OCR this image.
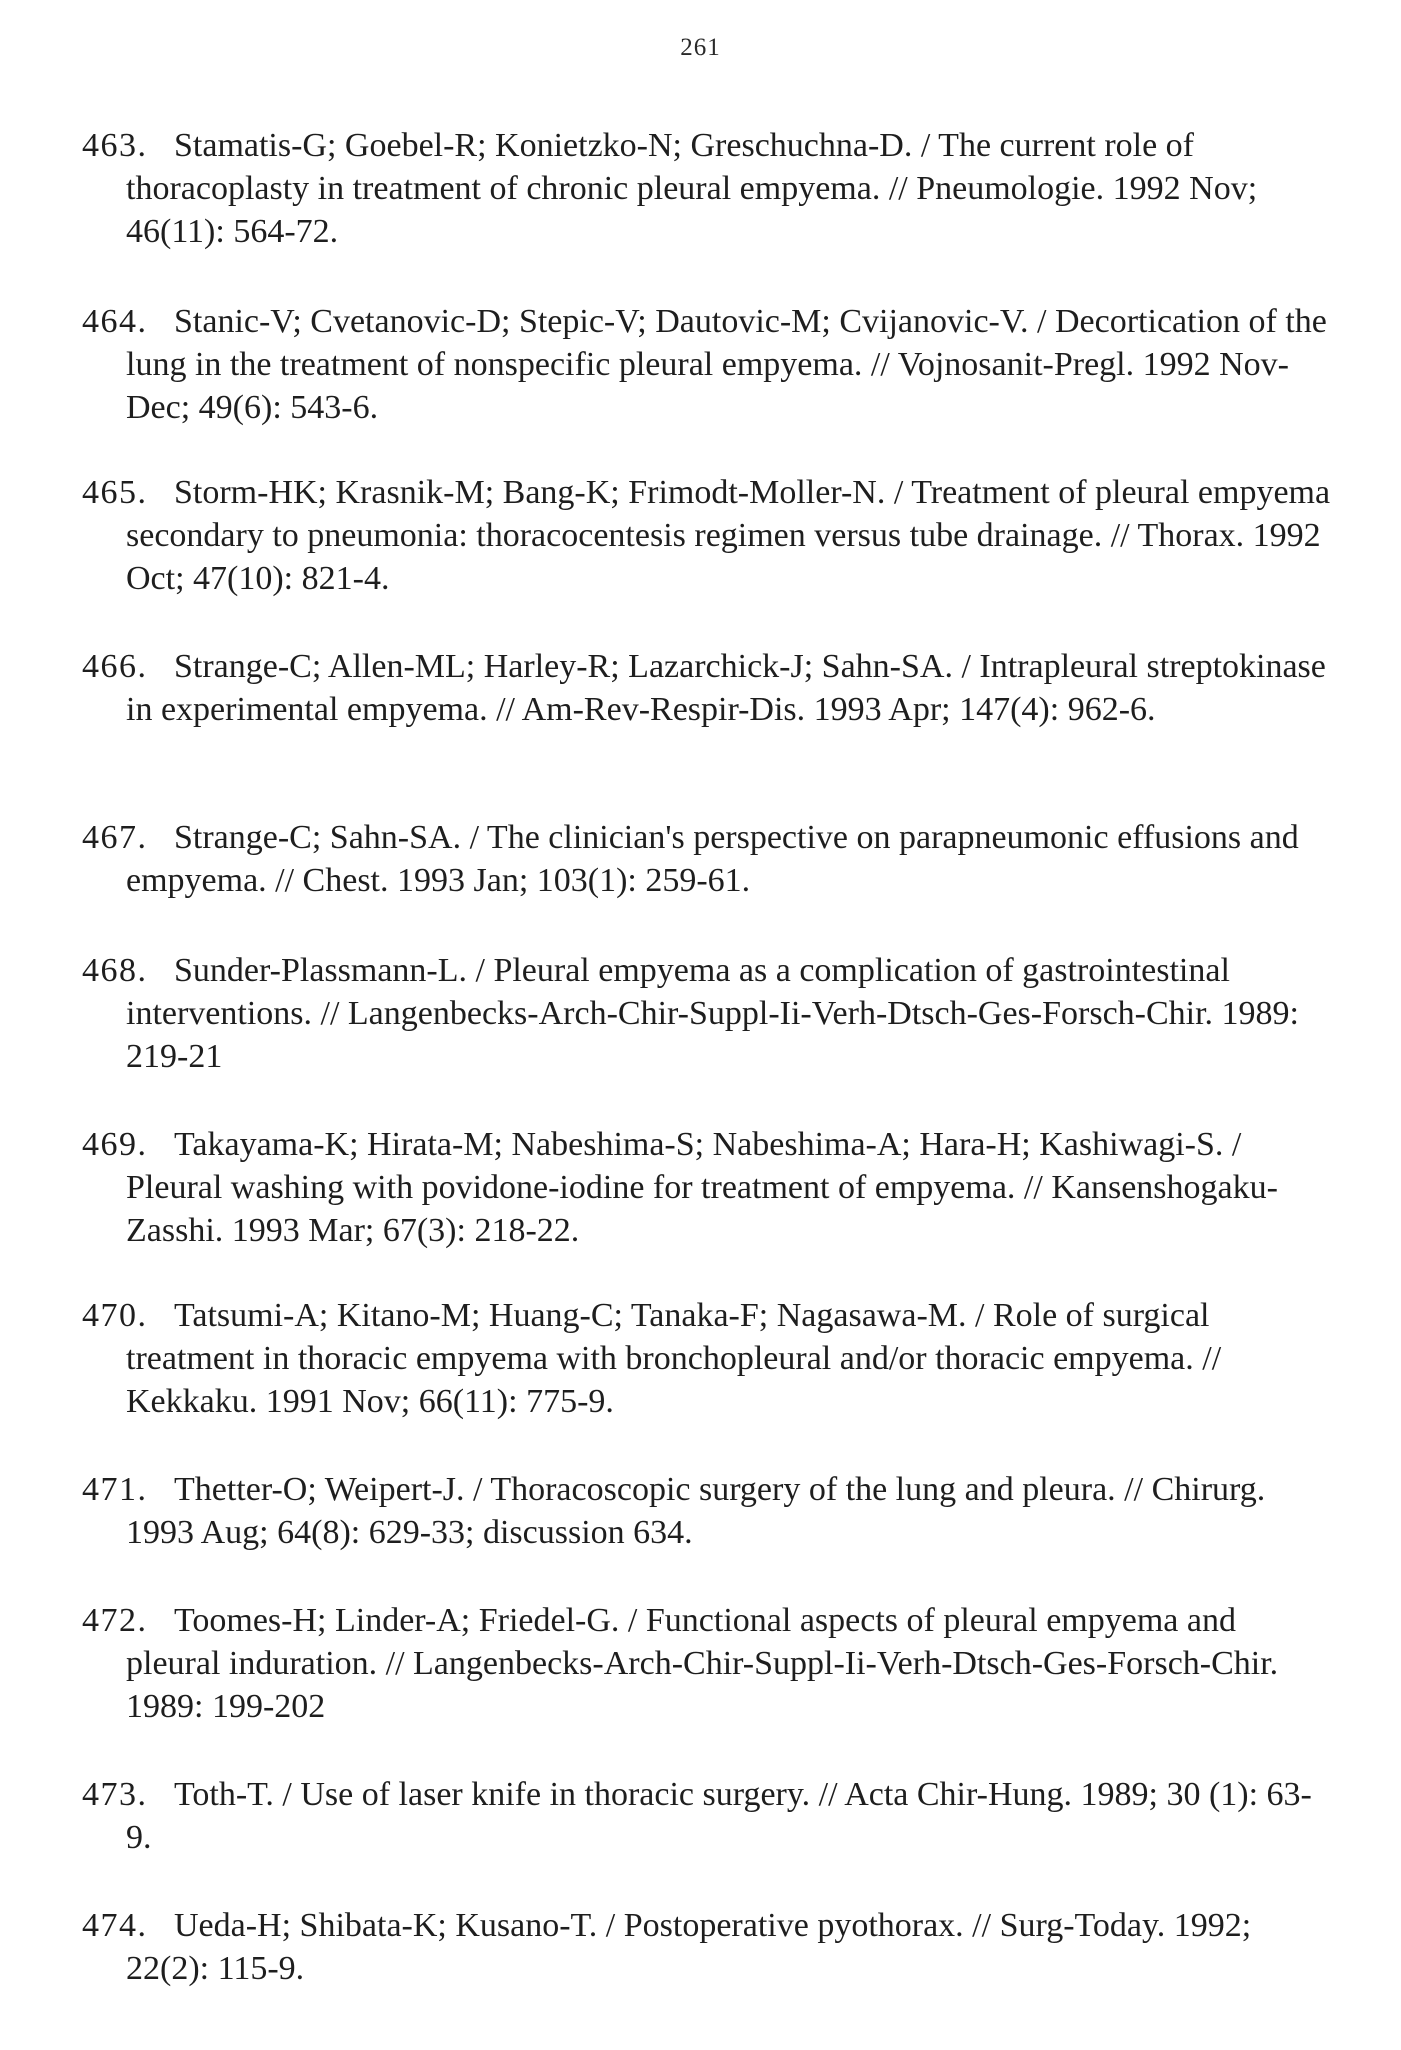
261
463. Stamatis-G; Goebel-R; Konietzko-N; Greschuchna-D. / The current role of thoracoplasty in treatment of chronic pleural empyema. // Pneumologie. 1992 Nov; 46(11): 564-72.
464. Stanic-V; Cvetanovic-D; Stepic-V; Dautovic-M; Cvijanovic-V. / Decortication of the lung in the treatment of nonspecific pleural empyema. // Vojnosanit-Pregl. 1992 Nov-Dec; 49(6): 543-6.
465. Storm-HK; Krasnik-M; Bang-K; Frimodt-Moller-N. / Treatment of pleural empyema secondary to pneumonia: thoracocentesis regimen versus tube drainage. // Thorax. 1992 Oct; 47(10): 821-4.
466. Strange-C; Allen-ML; Harley-R; Lazarchick-J; Sahn-SA. / Intrapleural streptokinase in experimental empyema. // Am-Rev-Respir-Dis. 1993 Apr; 147(4): 962-6.
467. Strange-C; Sahn-SA. / The clinician's perspective on parapneumonic effusions and empyema. // Chest. 1993 Jan; 103(1): 259-61.
468. Sunder-Plassmann-L. / Pleural empyema as a complication of gastrointestinal interventions. // Langenbecks-Arch-Chir-Suppl-Ii-Verh-Dtsch-Ges-Forsch-Chir. 1989: 219-21
469. Takayama-K; Hirata-M; Nabeshima-S; Nabeshima-A; Hara-H; Kashiwagi-S. / Pleural washing with povidone-iodine for treatment of empyema. // Kansenshogaku-Zasshi. 1993 Mar; 67(3): 218-22.
470. Tatsumi-A; Kitano-M; Huang-C; Tanaka-F; Nagasawa-M. / Role of surgical treatment in thoracic empyema with bronchopleural and/or thoracic empyema. // Kekkaku. 1991 Nov; 66(11): 775-9.
471. Thetter-O; Weipert-J. / Thoracoscopic surgery of the lung and pleura. // Chirurg. 1993 Aug; 64(8): 629-33; discussion 634.
472. Toomes-H; Linder-A; Friedel-G. / Functional aspects of pleural empyema and pleural induration. // Langenbecks-Arch-Chir-Suppl-Ii-Verh-Dtsch-Ges-Forsch-Chir. 1989: 199-202
473. Toth-T. / Use of laser knife in thoracic surgery. // Acta Chir-Hung. 1989; 30 (1): 63-9.
474. Ueda-H; Shibata-K; Kusano-T. / Postoperative pyothorax. // Surg-Today. 1992; 22(2): 115-9.
